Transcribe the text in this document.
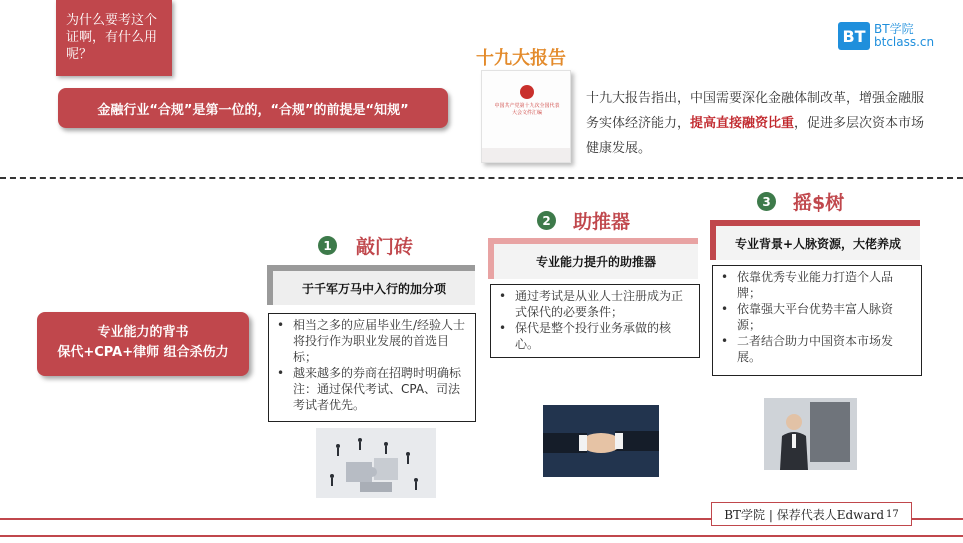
为什么要考这个证啊，有什么用呢？
金融行业“合规”是第一位的，“合规”的前提是“知规”
十九大报告
中国共产党第十九次全国代表大会文件汇编
十九大报告指出，中国需要深化金融体制改革，增强金融服务实体经济能力，提高直接融资比重，促进多层次资本市场健康发展。
BT BT学院
btclass.cn
专业能力的背书
保代+CPA+律师 组合杀伤力
1 敲门砖
于千军万马中入行的加分项
• 相当之多的应届毕业生/经验人士将投行作为职业发展的首选目标；
• 越来越多的券商在招聘时明确标注：通过保代考试、CPA、司法考试者优先。
2 助推器
专业能力提升的助推器
• 通过考试是从业人士注册成为正式保代的必要条件；
• 保代是整个投行业务承做的核心。
3 摇$树
专业背景+人脉资源，大佬养成
• 依靠优秀专业能力打造个人品牌；
• 依靠强大平台优势丰富人脉资源；
• 二者结合助力中国资本市场发展。
BT学院 | 保荐代表人Edward 17
